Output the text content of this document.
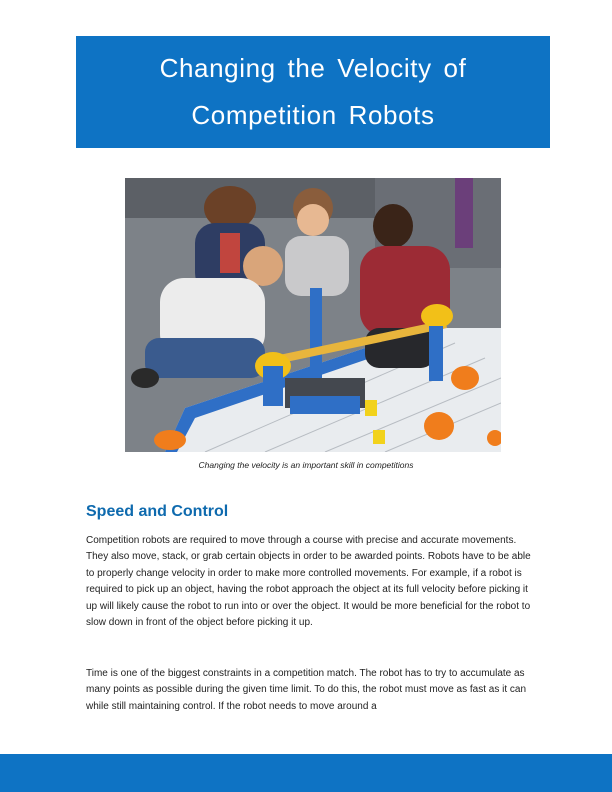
Changing the Velocity of
Competition Robots
Changing the velocity is an important skill in competitions
Speed and Control

Competition robots are required to move through a course with precise and accurate movements. They also move, stack, or grab certain objects in order to be awarded points. Robots have to be able to properly change velocity in order to make more controlled movements. For example, if a robot is required to pick up an object, having the robot approach the object at its full velocity before picking it up will likely cause the robot to run into or over the object. It would be more beneficial for the robot to slow down in front of the object before picking it up.

Time is one of the biggest constraints in a competition match. The robot has to try to accumulate as many points as possible during the given time limit. To do this, the robot must move as fast as it can while still maintaining control. If the robot needs to move around a
